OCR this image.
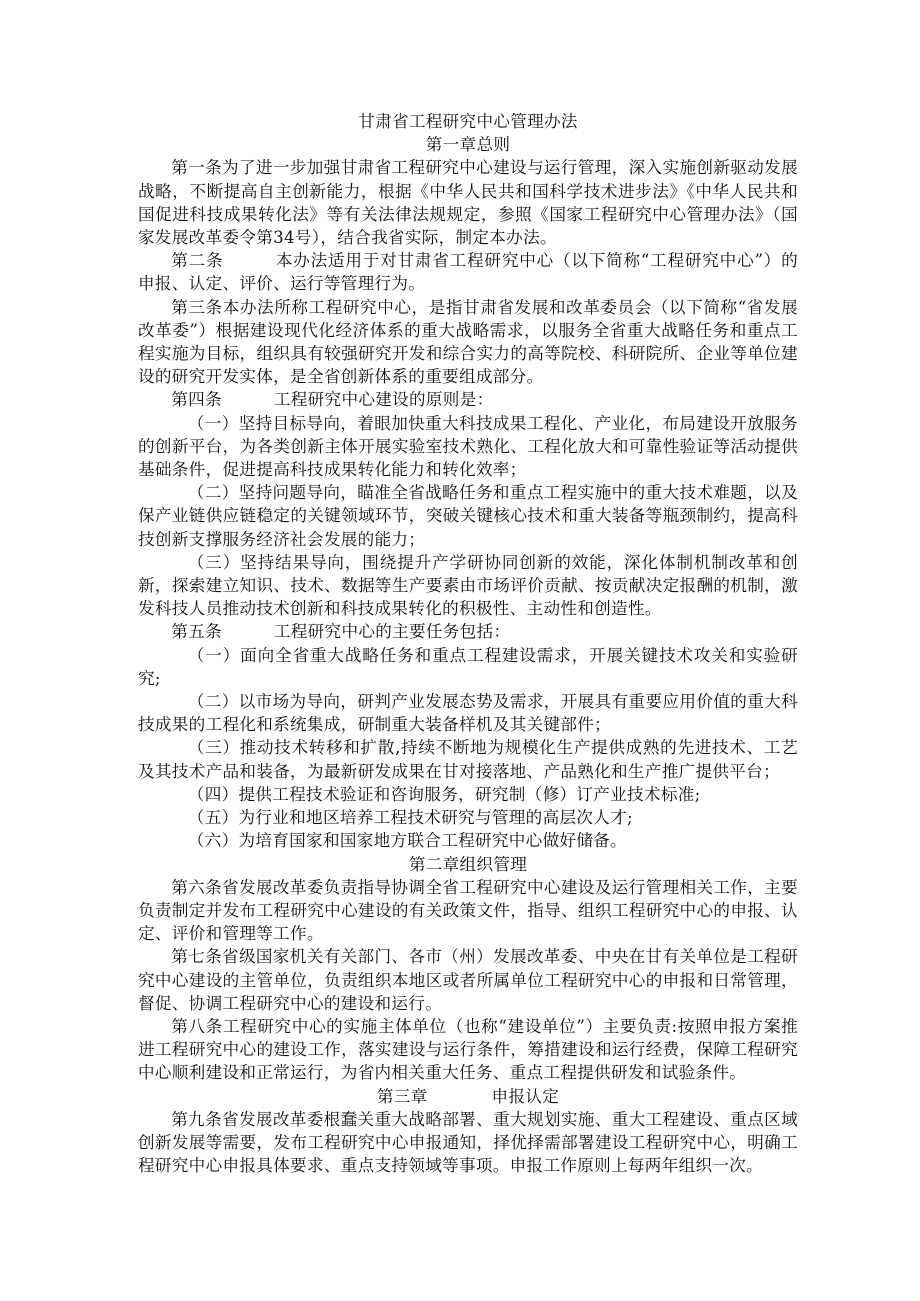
甘肃省工程研究中心管理办法

第一章总则

第一条为了进一步加强甘肃省工程研究中心建设与运行管理，深入实施创新驱动发展战略，不断提高自主创新能力，根据《中华人民共和国科学技术进步法》《中华人民共和国促进科技成果转化法》等有关法律法规规定，参照《国家工程研究中心管理办法》（国家发展改革委令第34号），结合我省实际，制定本办法。

第二条	本办法适用于对甘肃省工程研究中心（以下简称“工程研究中心”）的申报、认定、评价、运行等管理行为。

第三条本办法所称工程研究中心，是指甘肃省发展和改革委员会（以下简称“省发展改革委”）根据建设现代化经济体系的重大战略需求，以服务全省重大战略任务和重点工程实施为目标，组织具有较强研究开发和综合实力的高等院校、科研院所、企业等单位建设的研究开发实体，是全省创新体系的重要组成部分。

第四条	工程研究中心建设的原则是：

（一）坚持目标导向，着眼加快重大科技成果工程化、产业化，布局建设开放服务的创新平台，为各类创新主体开展实验室技术熟化、工程化放大和可靠性验证等活动提供基础条件，促进提高科技成果转化能力和转化效率；

（二）坚持问题导向，瞄准全省战略任务和重点工程实施中的重大技术难题，以及保产业链供应链稳定的关键领域环节，突破关键核心技术和重大装备等瓶颈制约，提高科技创新支撑服务经济社会发展的能力；

（三）坚持结果导向，围绕提升产学研协同创新的效能，深化体制机制改革和创新，探索建立知识、技术、数据等生产要素由市场评价贡献、按贡献决定报酬的机制，激发科技人员推动技术创新和科技成果转化的积极性、主动性和创造性。

第五条	工程研究中心的主要任务包括：

（一）面向全省重大战略任务和重点工程建设需求，开展关键技术攻关和实验研究;

（二）以市场为导向，研判产业发展态势及需求，开展具有重要应用价值的重大科技成果的工程化和系统集成，研制重大装备样机及其关键部件；

（三）推动技术转移和扩散,持续不断地为规模化生产提供成熟的先进技术、工艺及其技术产品和装备，为最新研发成果在甘对接落地、产品熟化和生产推广提供平台；

（四）提供工程技术验证和咨询服务，研究制（修）订产业技术标准;

（五）为行业和地区培养工程技术研究与管理的高层次人才;

（六）为培育国家和国家地方联合工程研究中心做好储备。

第二章组织管理

第六条省发展改革委负责指导协调全省工程研究中心建设及运行管理相关工作，主要负责制定并发布工程研究中心建设的有关政策文件，指导、组织工程研究中心的申报、认定、评价和管理等工作。

第七条省级国家机关有关部门、各市（州）发展改革委、中央在甘有关单位是工程研究中心建设的主管单位，负责组织本地区或者所属单位工程研究中心的申报和日常管理，督促、协调工程研究中心的建设和运行。

第八条工程研究中心的实施主体单位（也称“建设单位”）主要负责:按照申报方案推进工程研究中心的建设工作，落实建设与运行条件，筹措建设和运行经费，保障工程研究中心顺利建设和正常运行，为省内相关重大任务、重点工程提供研发和试验条件。

第三章	申报认定

第九条省发展改革委根蠢关重大战略部署、重大规划实施、重大工程建设、重点区域创新发展等需要，发布工程研究中心申报通知，择优择需部署建设工程研究中心，明确工程研究中心申报具体要求、重点支持领域等事项。申报工作原则上每两年组织一次。
